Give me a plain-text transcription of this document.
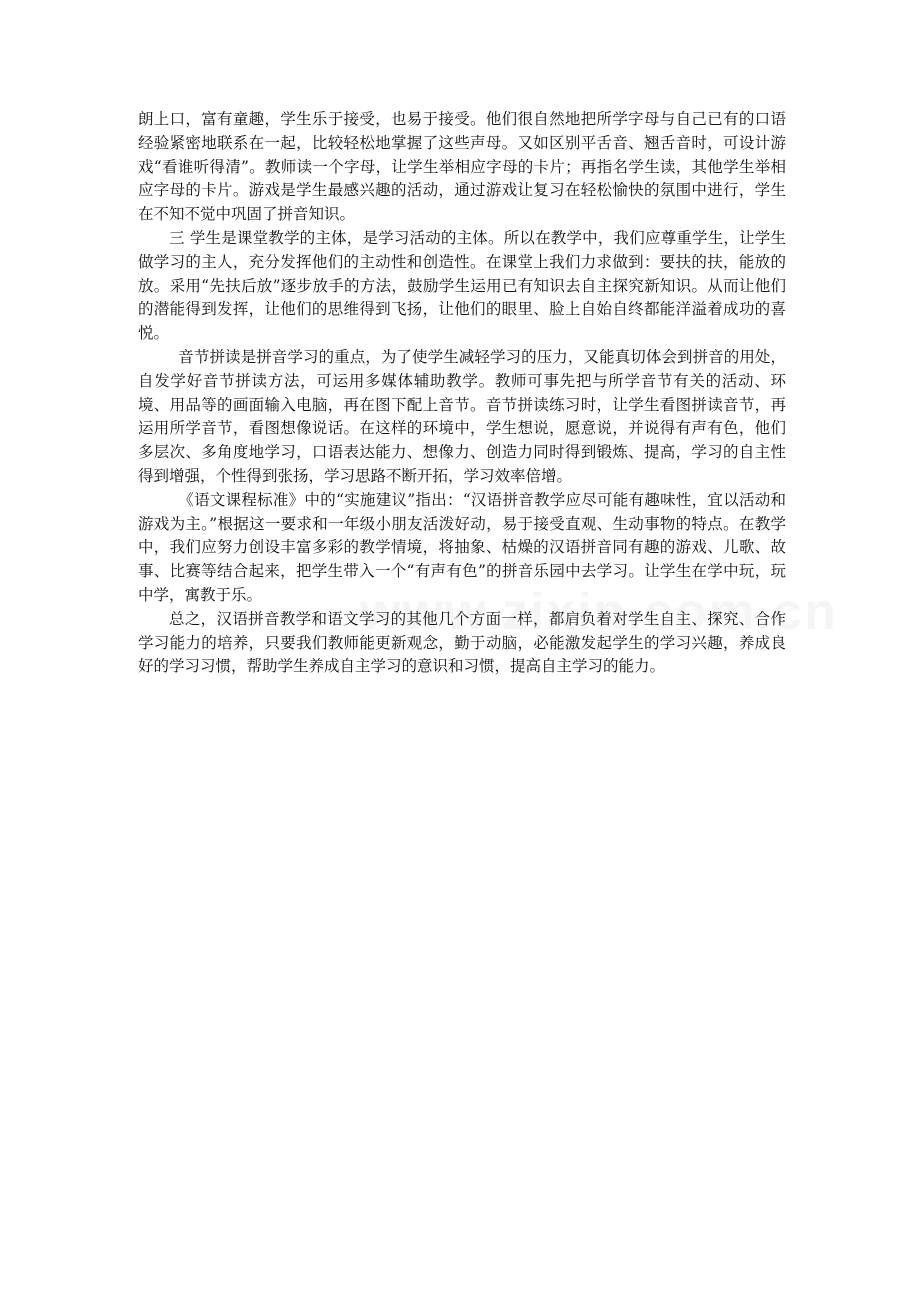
朗上口，富有童趣，学生乐于接受，也易于接受。他们很自然地把所学字母与自己已有的口语经验紧密地联系在一起，比较轻松地掌握了这些声母。又如区别平舌音、翘舌音时，可设计游戏“看谁听得清”。教师读一个字母，让学生举相应字母的卡片；再指名学生读，其他学生举相应字母的卡片。游戏是学生最感兴趣的活动，通过游戏让复习在轻松愉快的氛围中进行，学生在不知不觉中巩固了拼音知识。

三 学生是课堂教学的主体，是学习活动的主体。所以在教学中，我们应尊重学生，让学生做学习的主人，充分发挥他们的主动性和创造性。在课堂上我们力求做到：要扶的扶，能放的放。采用“先扶后放”逐步放手的方法，鼓励学生运用已有知识去自主探究新知识。从而让他们的潜能得到发挥，让他们的思维得到飞扬，让他们的眼里、脸上自始自终都能洋溢着成功的喜悦。

音节拼读是拼音学习的重点，为了使学生减轻学习的压力，又能真切体会到拼音的用处，自发学好音节拼读方法，可运用多媒体辅助教学。教师可事先把与所学音节有关的活动、环境、用品等的画面输入电脑，再在图下配上音节。音节拼读练习时，让学生看图拼读音节，再运用所学音节，看图想像说话。在这样的环境中，学生想说，愿意说，并说得有声有色，他们多层次、多角度地学习，口语表达能力、想像力、创造力同时得到锻炼、提高，学习的自主性得到增强，个性得到张扬，学习思路不断开拓，学习效率倍增。

《语文课程标准》中的“实施建议”指出：“汉语拼音教学应尽可能有趣味性，宜以活动和游戏为主。”根据这一要求和一年级小朋友活泼好动，易于接受直观、生动事物的特点。在教学中，我们应努力创设丰富多彩的教学情境，将抽象、枯燥的汉语拼音同有趣的游戏、儿歌、故事、比赛等结合起来，把学生带入一个“有声有色”的拼音乐园中去学习。让学生在学中玩，玩中学，寓教于乐。

总之，汉语拼音教学和语文学习的其他几个方面一样，都肩负着对学生自主、探究、合作学习能力的培养，只要我们教师能更新观念，勤于动脑，必能激发起学生的学习兴趣，养成良好的学习习惯，帮助学生养成自主学习的意识和习惯，提高自主学习的能力。
